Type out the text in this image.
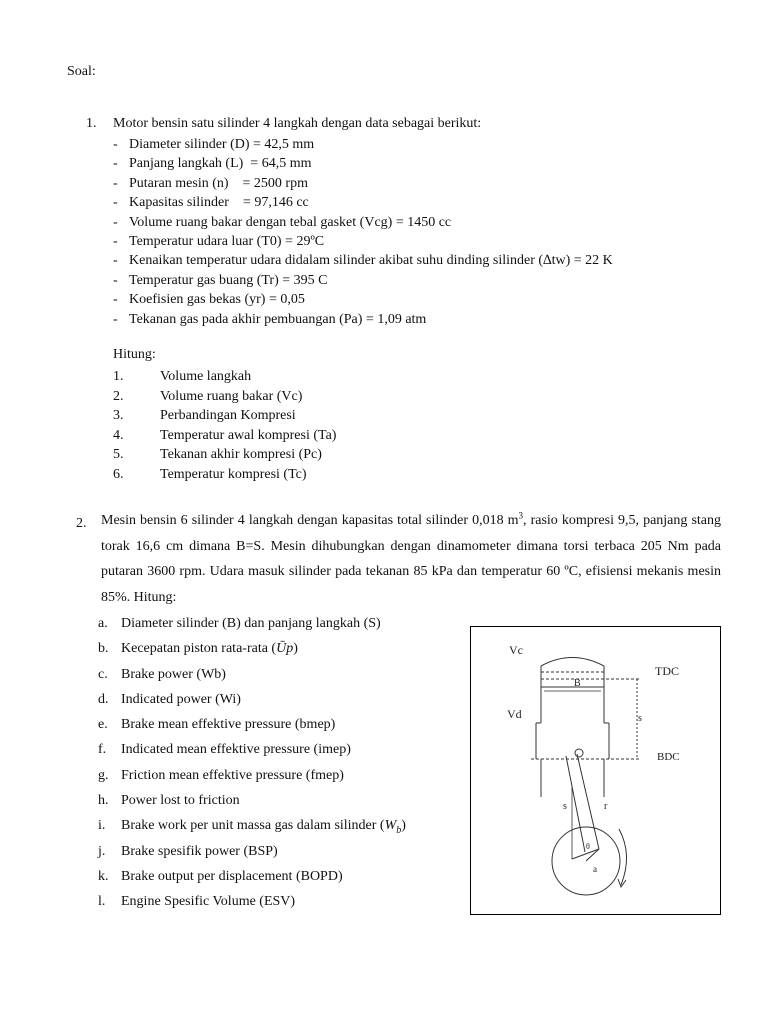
Soal:
1. Motor bensin satu silinder 4 langkah dengan data sebagai berikut:
- Diameter silinder (D) = 42,5 mm
- Panjang langkah (L)  = 64,5 mm
- Putaran mesin (n)    = 2500 rpm
- Kapasitas silinder    = 97,146 cc
- Volume ruang bakar dengan tebal gasket (Vcg) = 1450 cc
- Temperatur udara luar (T0) = 29ºC
- Kenaikan temperatur udara didalam silinder akibat suhu dinding silinder (∆tw) = 22 K
- Temperatur gas buang (Tr) = 395 C
- Koefisien gas bekas (yr) = 0,05
- Tekanan gas pada akhir pembuangan (Pa) = 1,09 atm
Hitung:
1.	Volume langkah
2.	Volume ruang bakar (Vc)
3.	Perbandingan Kompresi
4.	Temperatur awal kompresi (Ta)
5.	Tekanan akhir kompresi (Pc)
6.	Temperatur kompresi (Tc)
2. Mesin bensin 6 silinder 4 langkah dengan kapasitas total silinder 0,018 $m^3$, rasio kompresi 9,5, panjang stang torak 16,6 cm dimana B=S. Mesin dihubungkan dengan dinamometer dimana torsi terbaca 205 Nm pada putaran 3600 rpm. Udara masuk silinder pada tekanan 85 kPa dan temperatur 60 ºC, efisiensi mekanis mesin 85%. Hitung:
a. Diameter silinder (B) dan panjang langkah (S)
b. Kecepatan piston rata-rata (Ūp)
c. Brake power (Wb)
d. Indicated power (Wi)
e. Brake mean effektive pressure (bmep)
f. Indicated mean effektive pressure (imep)
g. Friction mean effektive pressure (fmep)
h. Power lost to friction
i. Brake work per unit massa gas dalam silinder $(W_b)$
j. Brake spesifik power (BSP)
k. Brake output per displacement (BOPD)
l. Engine Spesific Volume (ESV)
Vc
Vd
TDC
BDC
B
s
s	r
a
θ
